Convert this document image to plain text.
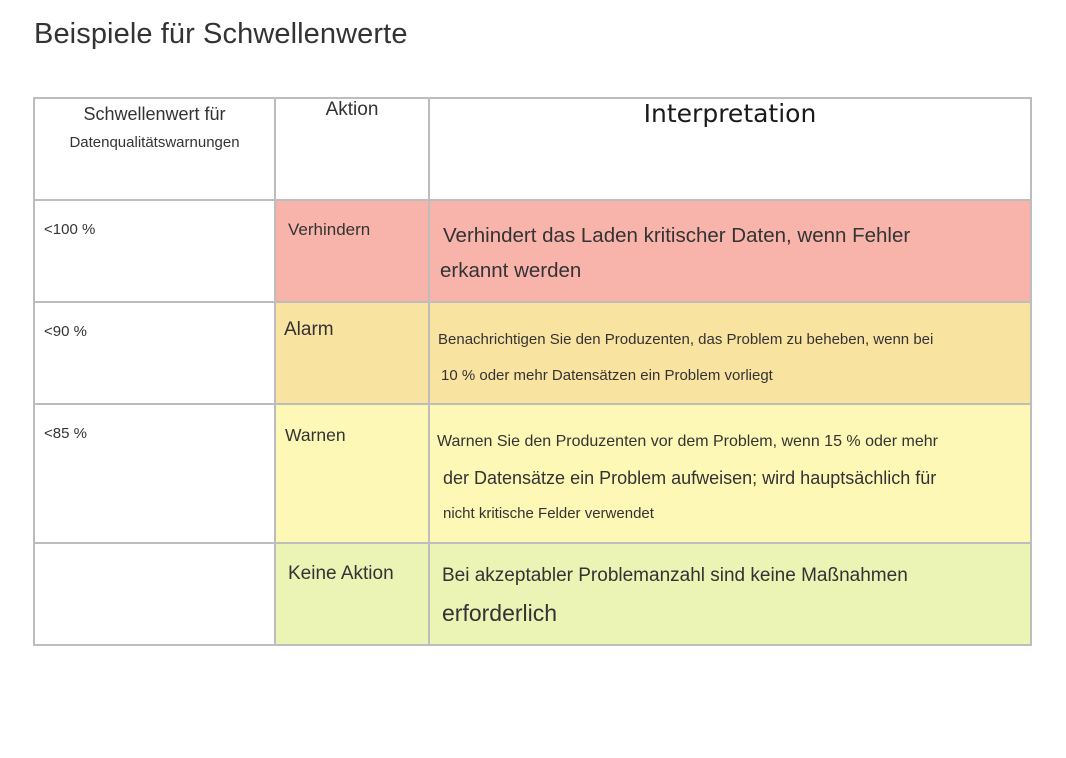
Beispiele für Schwellenwerte
Schwellenwert für
Datenqualitätswarnungen	Aktion	Interpretation

<100 %	Verhindern	Verhindert das Laden kritischer Daten, wenn Fehler
erkannt werden

<90 %	Alarm	Benachrichtigen Sie den Produzenten, das Problem zu beheben, wenn bei
10 % oder mehr Datensätzen ein Problem vorliegt

<85 %	Warnen	Warnen Sie den Produzenten vor dem Problem, wenn 15 % oder mehr
der Datensätze ein Problem aufweisen; wird hauptsächlich für
nicht kritische Felder verwendet

	Keine Aktion	Bei akzeptabler Problemanzahl sind keine Maßnahmen
erforderlich
